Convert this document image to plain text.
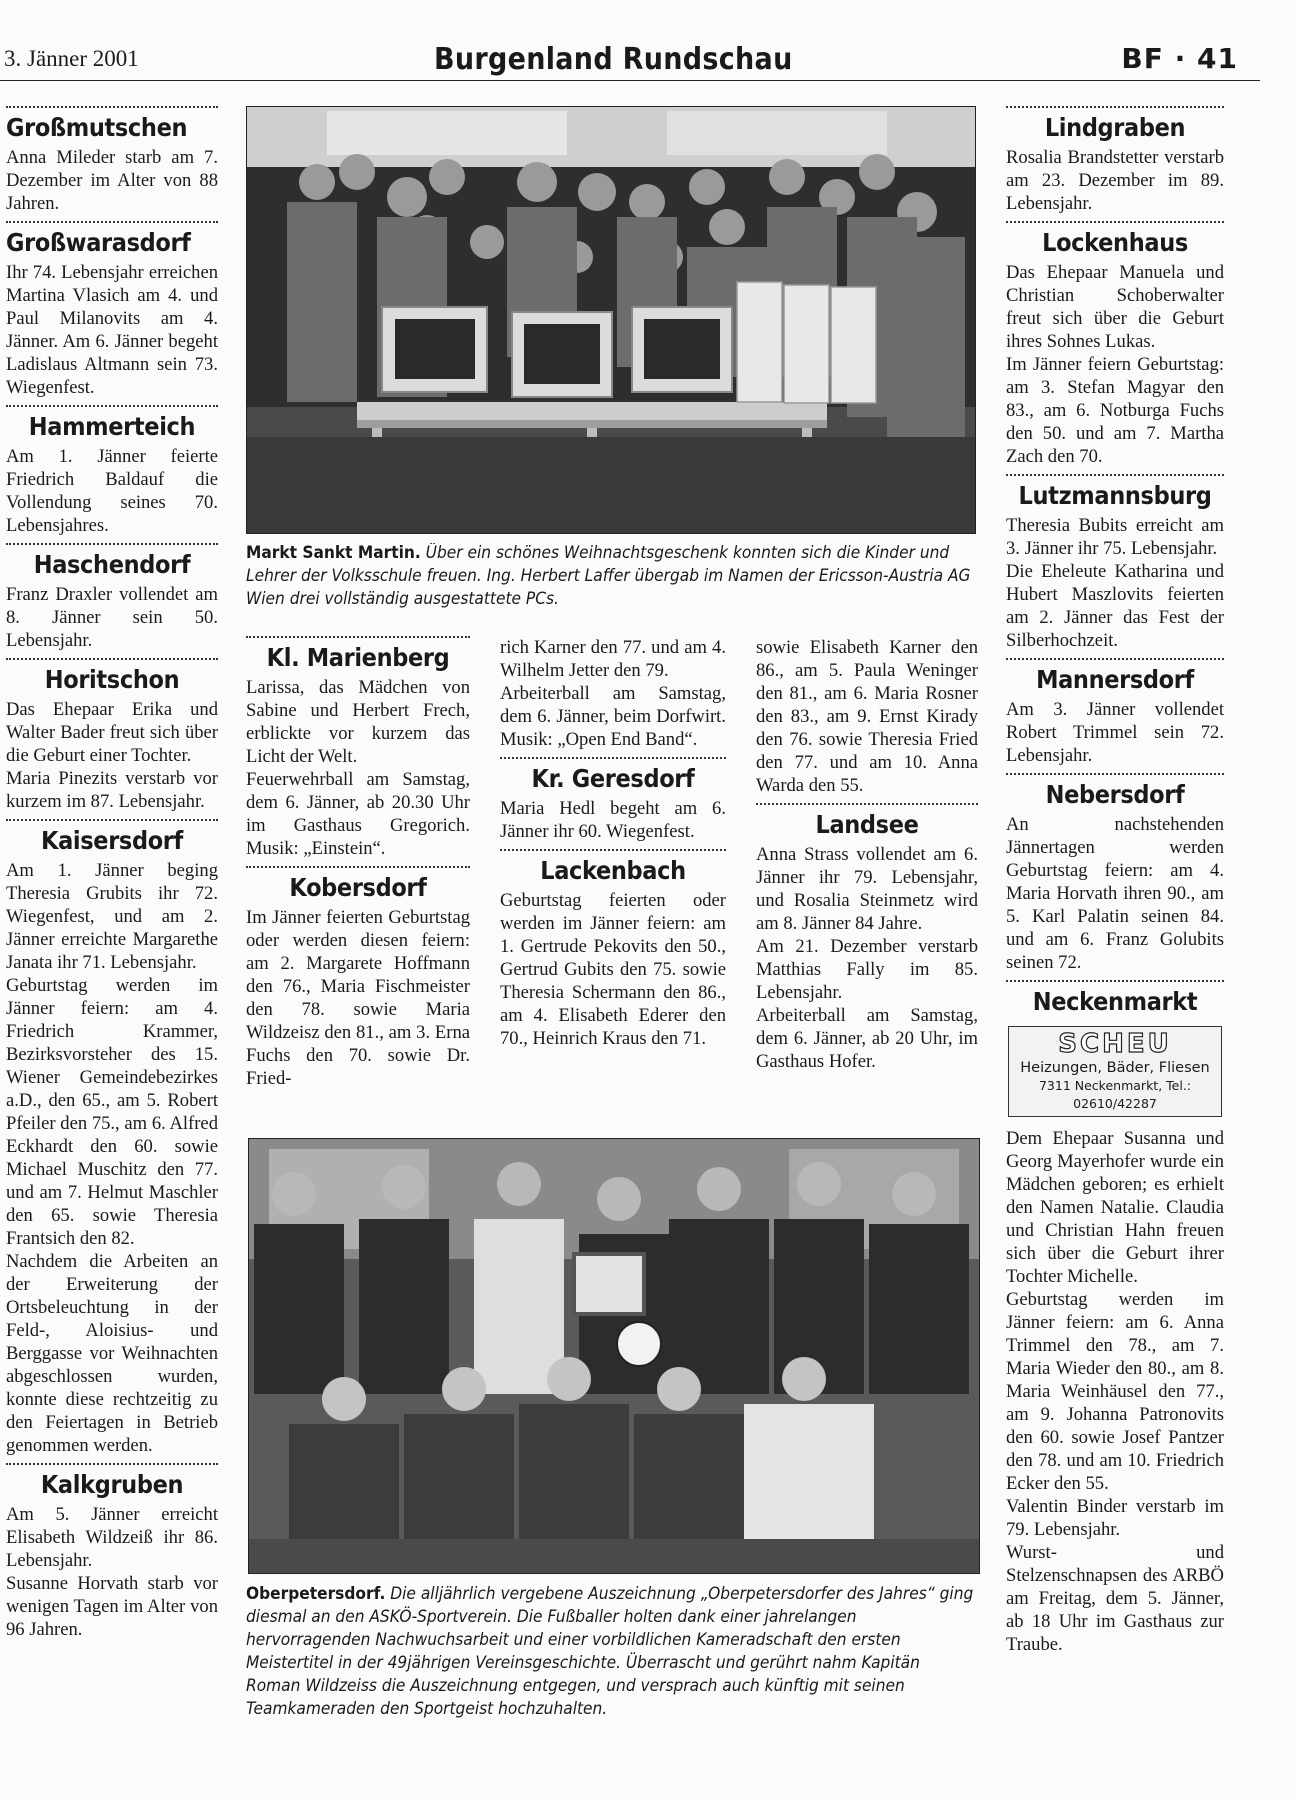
3. Jänner 2001	Burgenland Rundschau	BF · 41
Großmutschen

Anna Mileder starb am 7. Dezember im Alter von 88 Jahren.

Großwarasdorf

Ihr 74. Lebensjahr erreichen Martina Vlasich am 4. und Paul Milanovits am 4. Jänner. Am 6. Jänner begeht Ladislaus Altmann sein 73. Wiegenfest.

Hammerteich

Am 1. Jänner feierte Friedrich Baldauf die Vollendung seines 70. Lebensjahres.

Haschendorf

Franz Draxler vollendet am 8. Jänner sein 50. Lebensjahr.

Horitschon

Das Ehepaar Erika und Walter Bader freut sich über die Geburt einer Tochter.

Maria Pinezits verstarb vor kurzem im 87. Lebensjahr.

Kaisersdorf

Am 1. Jänner beging Theresia Grubits ihr 72. Wiegenfest, und am 2. Jänner erreichte Margarethe Janata ihr 71. Lebensjahr.

Geburtstag werden im Jänner feiern: am 4. Friedrich Krammer, Bezirksvorsteher des 15. Wiener Gemeindebezirkes a.D., den 65., am 5. Robert Pfeiler den 75., am 6. Alfred Eckhardt den 60. sowie Michael Muschitz den 77. und am 7. Helmut Maschler den 65. sowie Theresia Frantsich den 82.

Nachdem die Arbeiten an der Erweiterung der Ortsbeleuchtung in der Feld-, Aloisius- und Berggasse vor Weihnachten abgeschlossen wurden, konnte diese rechtzeitig zu den Feiertagen in Betrieb genommen werden.

Kalkgruben

Am 5. Jänner erreicht Elisabeth Wildzeiß ihr 86. Lebensjahr.

Susanne Horvath starb vor wenigen Tagen im Alter von 96 Jahren.

Markt Sankt Martin. Über ein schönes Weihnachtsgeschenk konnten sich die Kinder und Lehrer der Volksschule freuen. Ing. Herbert Laffer übergab im Namen der Ericsson-Austria AG Wien drei vollständig ausgestattete PCs.
Kl. Marienberg

Larissa, das Mädchen von Sabine und Herbert Frech, erblickte vor kurzem das Licht der Welt.

Feuerwehrball am Samstag, dem 6. Jänner, ab 20.30 Uhr im Gasthaus Gregorich. Musik: „Einstein“.

Kobersdorf

Im Jänner feierten Geburtstag oder werden diesen feiern: am 2. Margarete Hoffmann den 76., Maria Fischmeister den 78. sowie Maria Wildzeisz den 81., am 3. Erna Fuchs den 70. sowie Dr. Fried-

rich Karner den 77. und am 4. Wilhelm Jetter den 79.

Arbeiterball am Samstag, dem 6. Jänner, beim Dorfwirt. Musik: „Open End Band“.

Kr. Geresdorf

Maria Hedl begeht am 6. Jänner ihr 60. Wiegenfest.

Lackenbach

Geburtstag feierten oder werden im Jänner feiern: am 1. Gertrude Pekovits den 50., Gertrud Gubits den 75. sowie Theresia Schermann den 86., am 4. Elisabeth Ederer den 70., Heinrich Kraus den 71.

sowie Elisabeth Karner den 86., am 5. Paula Weninger den 81., am 6. Maria Rosner den 83., am 9. Ernst Kirady den 76. sowie Theresia Fried den 77. und am 10. Anna Warda den 55.

Landsee

Anna Strass vollendet am 6. Jänner ihr 79. Lebensjahr, und Rosalia Steinmetz wird am 8. Jänner 84 Jahre.

Am 21. Dezember verstarb Matthias Fally im 85. Lebensjahr.

Arbeiterball am Samstag, dem 6. Jänner, ab 20 Uhr, im Gasthaus Hofer.

Oberpetersdorf. Die alljährlich vergebene Auszeichnung „Oberpetersdorfer des Jahres“ ging diesmal an den ASKÖ-Sportverein. Die Fußballer holten dank einer jahrelangen hervorragenden Nachwuchsarbeit und einer vorbildlichen Kameradschaft den ersten Meistertitel in der 49jährigen Vereinsgeschichte. Überrascht und gerührt nahm Kapitän Roman Wildzeiss die Auszeichnung entgegen, und versprach auch künftig mit seinen Teamkameraden den Sportgeist hochzuhalten.
Lindgraben

Rosalia Brandstetter verstarb am 23. Dezember im 89. Lebensjahr.

Lockenhaus

Das Ehepaar Manuela und Christian Schoberwalter freut sich über die Geburt ihres Sohnes Lukas.

Im Jänner feiern Geburtstag: am 3. Stefan Magyar den 83., am 6. Notburga Fuchs den 50. und am 7. Martha Zach den 70.

Lutzmannsburg

Theresia Bubits erreicht am 3. Jänner ihr 75. Lebensjahr.

Die Eheleute Katharina und Hubert Maszlovits feierten am 2. Jänner das Fest der Silberhochzeit.

Mannersdorf

Am 3. Jänner vollendet Robert Trimmel sein 72. Lebensjahr.

Nebersdorf

An nachstehenden Jännertagen werden Geburtstag feiern: am 4. Maria Horvath ihren 90., am 5. Karl Palatin seinen 84. und am 6. Franz Golubits seinen 72.

Neckenmarkt
SCHEU
Heizungen, Bäder, Fliesen
7311 Neckenmarkt, Tel.: 02610/42287

Dem Ehepaar Susanna und Georg Mayerhofer wurde ein Mädchen geboren; es erhielt den Namen Natalie. Claudia und Christian Hahn freuen sich über die Geburt ihrer Tochter Michelle.

Geburtstag werden im Jänner feiern: am 6. Anna Trimmel den 78., am 7. Maria Wieder den 80., am 8. Maria Weinhäusel den 77., am 9. Johanna Patronovits den 60. sowie Josef Pantzer den 78. und am 10. Friedrich Ecker den 55.

Valentin Binder verstarb im 79. Lebensjahr.

Wurst- und Stelzenschnapsen des ARBÖ am Freitag, dem 5. Jänner, ab 18 Uhr im Gasthaus zur Traube.
